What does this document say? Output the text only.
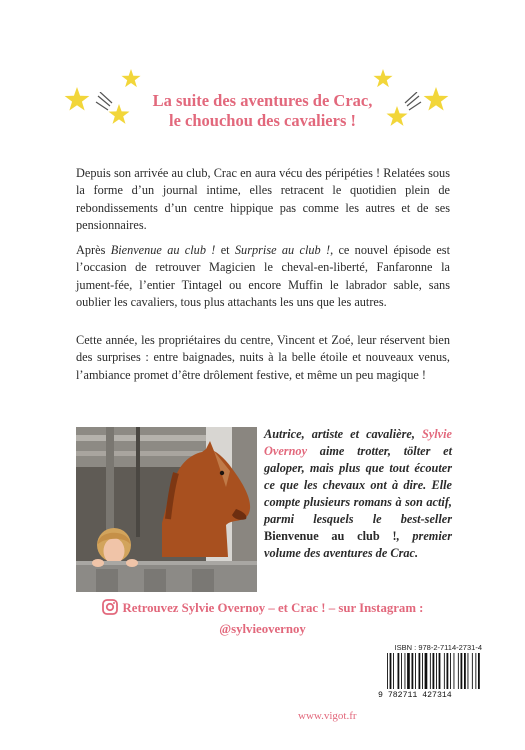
La suite des aventures de Crac,
le chouchou des cavaliers !

Depuis son arrivée au club, Crac en aura vécu des péripéties ! Relatées sous la forme d’un journal intime, elles retracent le quotidien plein de rebondissements d’un centre hippique pas comme les autres et de ses pensionnaires.

Après Bienvenue au club ! et Surprise au club !, ce nouvel épisode est l’occasion de retrouver Magicien le cheval-en-liberté, Fanfaronne la jument-fée, l’entier Tintagel ou encore Muffin le labrador sable, sans oublier les cavaliers, tous plus attachants les uns que les autres.

Cette année, les propriétaires du centre, Vincent et Zoé, leur réservent bien des surprises : entre baignades, nuits à la belle étoile et nouveaux venus, l’ambiance promet d’être drôlement festive, et même un peu magique !

Autrice, artiste et cavalière, Sylvie Overnoy aime trotter, tölter et galoper, mais plus que tout écouter ce que les chevaux ont à dire. Elle compte plusieurs romans à son actif, parmi lesquels le best-seller Bienvenue au club !, premier volume des aventures de Crac.

Retrouvez Sylvie Overnoy – et Crac ! – sur Instagram :
@sylvieovernoy
ISBN : 978-2-7114-2731-4
9 782711 427314
www.vigot.fr
